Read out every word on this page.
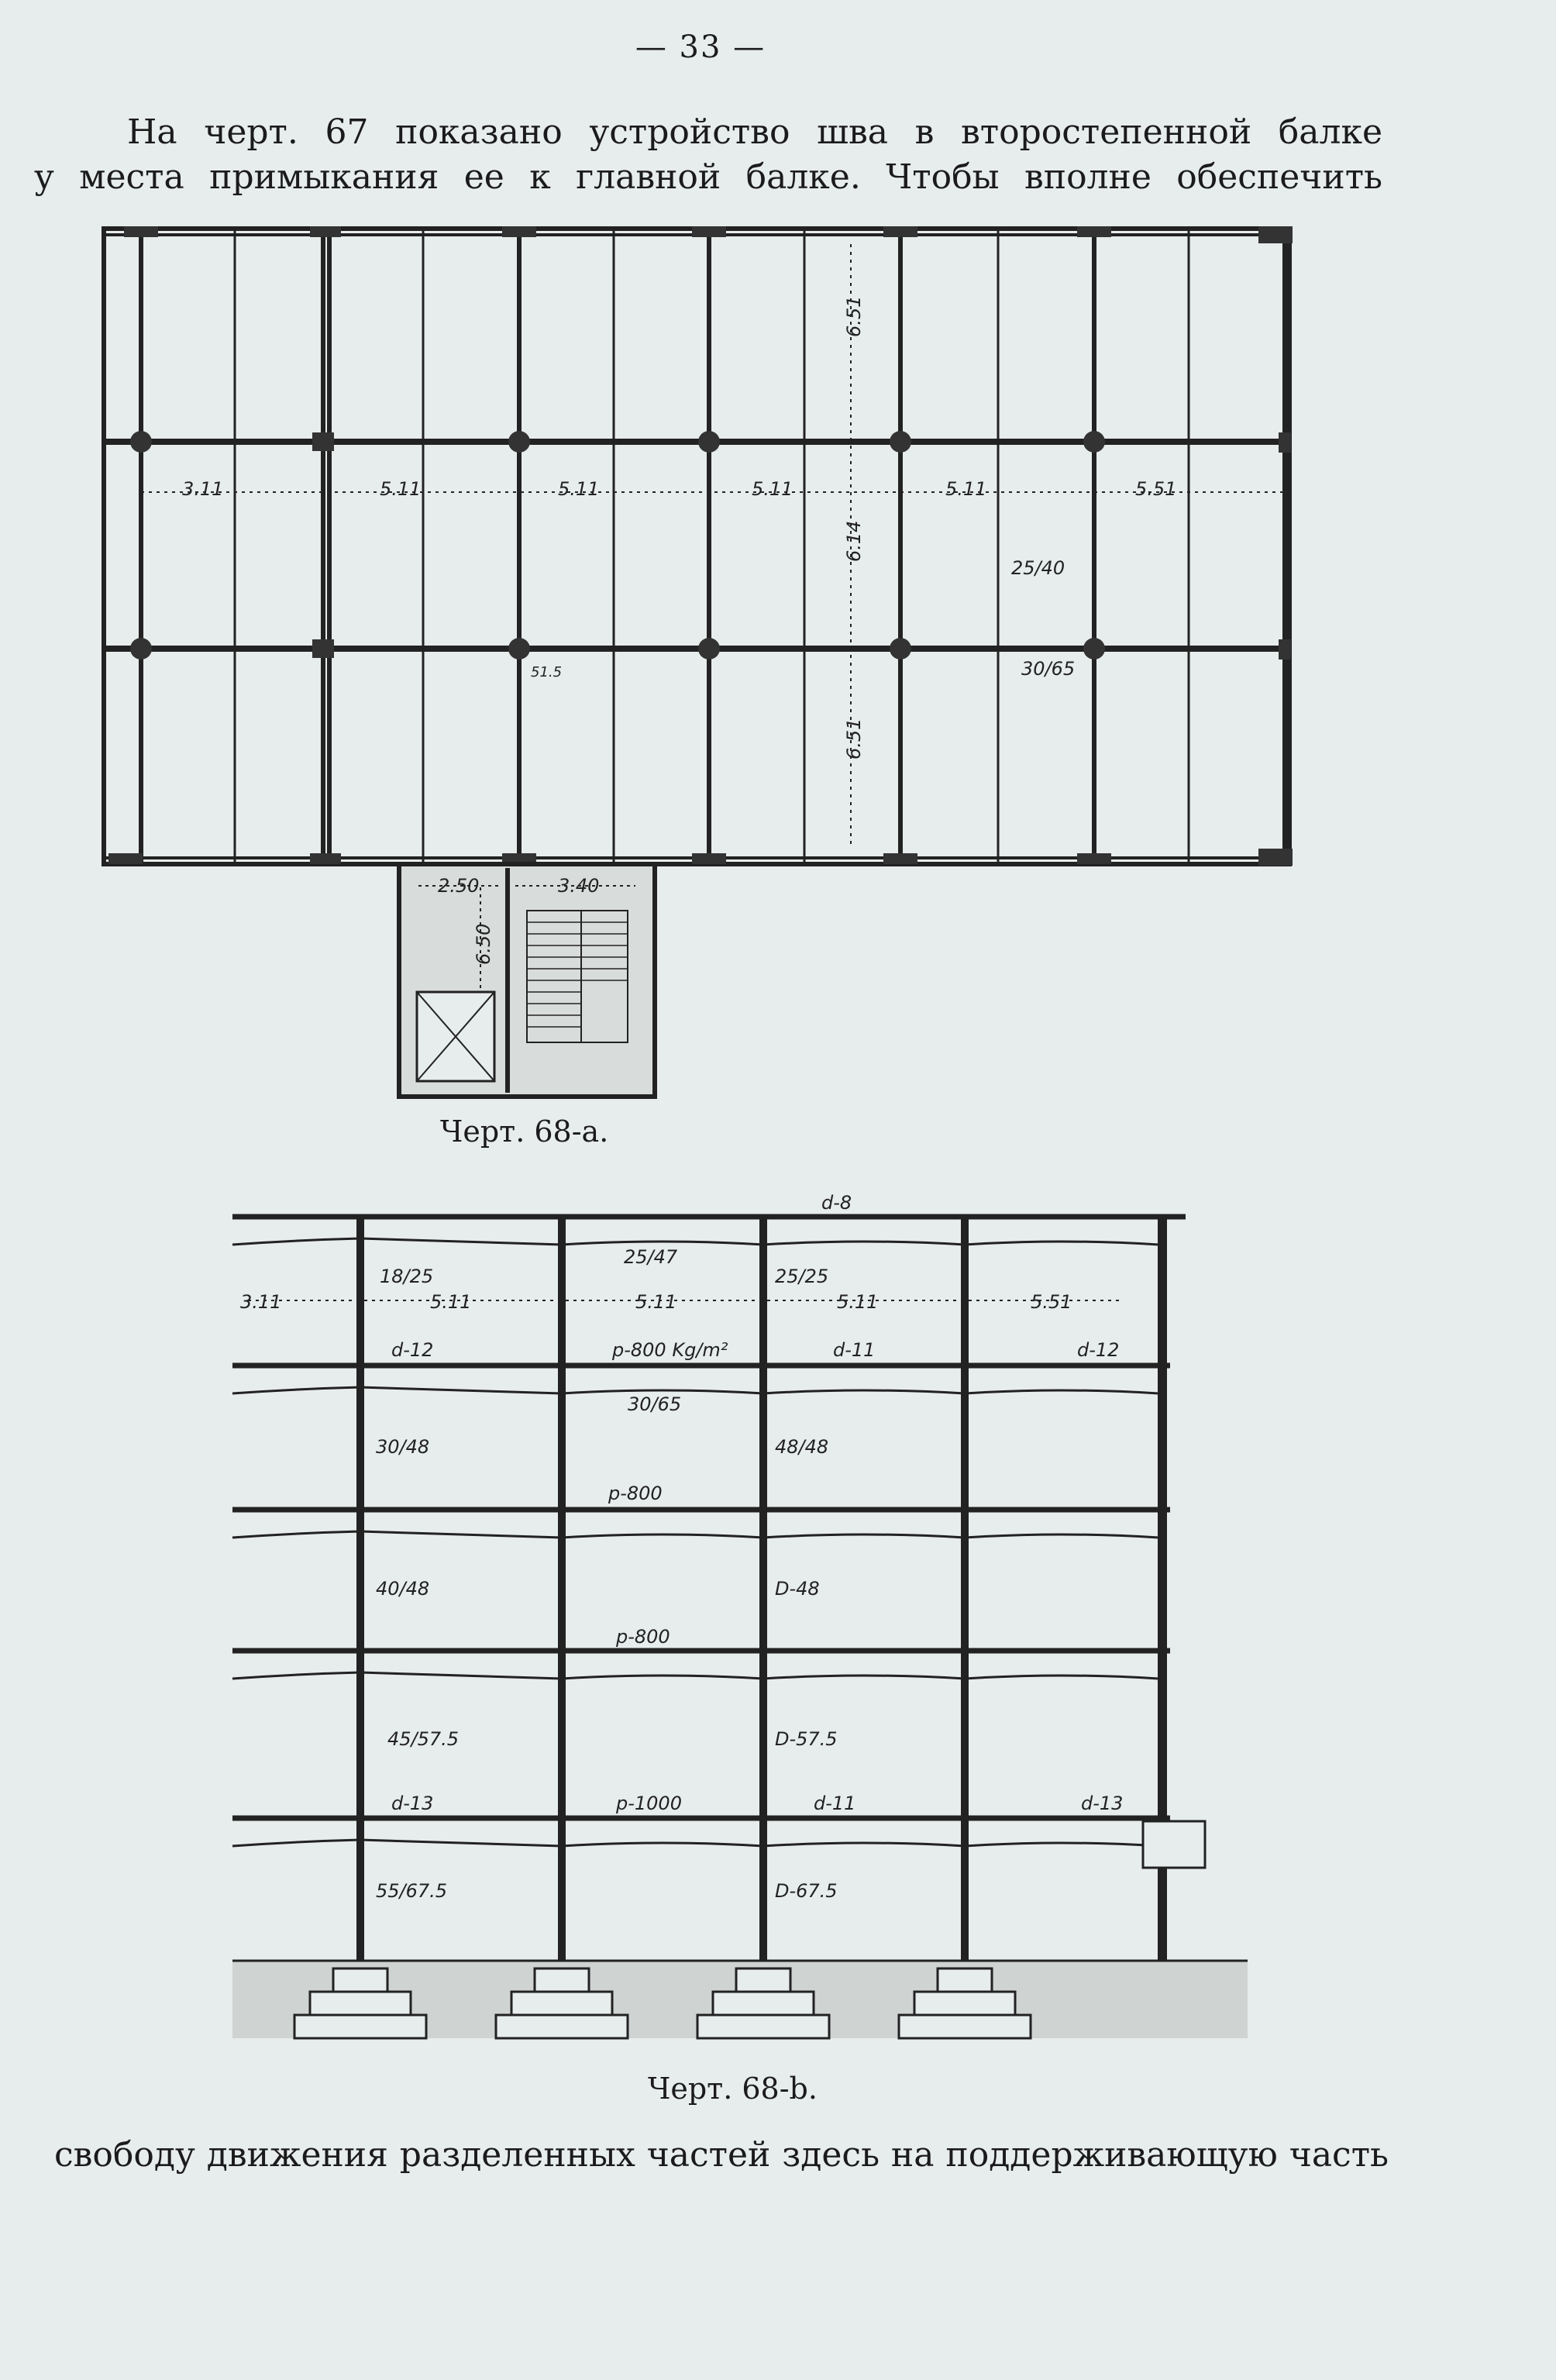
— 33 —
На черт. 67 показано устройство шва в второстепенной балке
у места примыкания ее к главной балке. Чтобы вполне обеспечить
3.11	5.11	5.11	5.11	5.11	5.51
6.51
6.14
6.51
25/40
30/65
51.5
2.50	3.40
6.50
Черт. 68-а.
d-8
3.11	5.11	5.11	5.11	5.51
18/25
25/47
25/25
d-12	p-800 Kg/m²	d-11	d-12
30/65
30/48	48/48
p-800
40/48	D-48
p-800
45/57.5	D-57.5
d-13	p-1000	d-11	d-13
55/67.5	D-67.5
Черт. 68-b.
свободу движения разделенных частей здесь на поддерживающую часть
